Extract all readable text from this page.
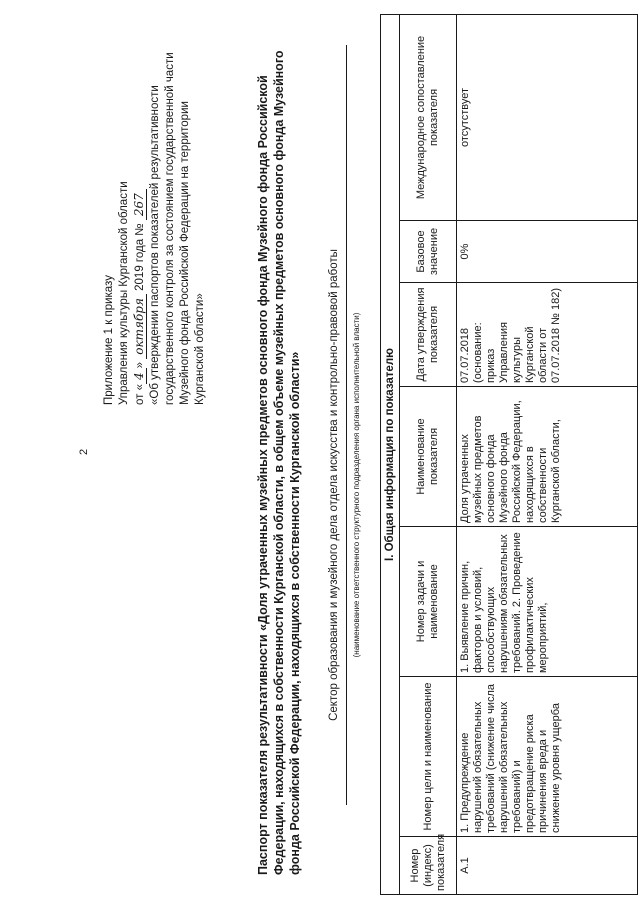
2
Приложение 1 к приказу Управления культуры Курганской области от «4» октября 2019 года № 267 «Об утверждении паспортов показателей результативности государственного контроля за состоянием государственной части Музейного фонда Российской Федерации на территории Курганской области»	Паспорт показателя результативности «Доля утраченных музейных предметов основного фонда Музейного фонда Российской Федерации, находящихся в собственности Курганской области, в общем объеме музейных предметов основного фонда Музейного фонда Российской Федерации, находящихся в собственности Курганской области» Сектор образования и музейного дела отдела искусства и контрольно-правовой работы (наименование ответственного структурного подразделения органа исполнительной власти) I. Общая информация по показателю						
Номер (индекс) показателя	Номер цели и наименование	Номер задачи и наименование	Наименование показателя	Дата утверждения показателя	Базовое значение	Международное сопоставление показателя
А.1	1. Предупреждение нарушений обязательных требований (снижение числа нарушений обязательных требований) и предотвращение риска причинения вреда и снижение уровня ущерба	1. Выявление причин, факторов и условий, способствующих нарушениям обязательных требований. 2. Проведение профилактических мероприятий,	Доля утраченных музейных предметов основного фонда Музейного фонда Российской Федерации, находящихся в собственности Курганской области,	07.07.2018 (основание: приказ Управления культуры Курганской области от 07.07.2018 № 182)	0%	отсутствует
